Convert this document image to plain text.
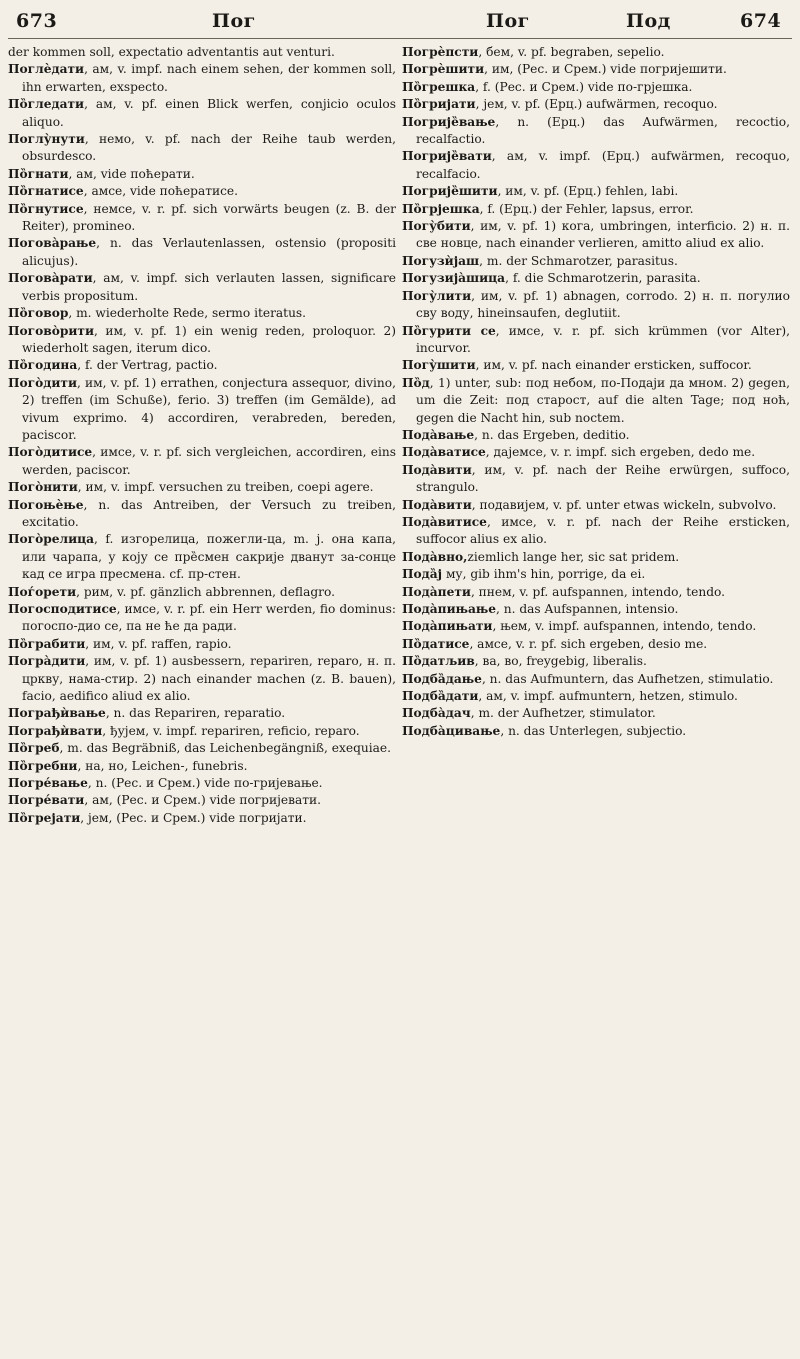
673	Пог	Пог	Под	674

der kommen soll, expectatio adventantis aut venturi.

Поглѐдати, ам, v. impf. nach einem sehen, der kommen soll, ihn erwarten, exspecto.

По̏гледати, ам, v. pf. einen Blick werfen, conjicio oculos aliquo.

Поглу̀нути, немо, v. pf. nach der Reihe taub werden, obsurdesco.

По̏гнати, ам, vide поћерати.

По̏гнатисе, амсе, vide поћератисе.

По̏гнутисе, немсе, v. r. pf. sich vorwärts beugen (z. B. der Reiter), promineo.

Погова̀рање, n. das Verlautenlassen, ostensio (propositi alicujus).

Погова̀рати, ам, v. impf. sich verlauten lassen, significare verbis propositum.

По̏говор, m. wiederholte Rede, sermo iteratus.

Погово̀рити, им, v. pf. 1) ein wenig reden, proloquor. 2) wiederholt sagen, iterum dico.

По̏година, f. der Vertrag, pactio.

Пого̀дити, им, v. pf. 1) errathen, conjectura assequor, divino, 2) treffen (im Schuße), ferio. 3) treffen (im Gemälde), ad vivum exprimo. 4) accordiren, verabreden, bereden, paciscor.

Пого̀дитисе, имсе, v. r. pf. sich vergleichen, accordiren, eins werden, paciscor.

Пого̀нити, им, v. impf. versuchen zu treiben, coepi agere.

Погоњѐње, n. das Antreiben, der Versuch zu treiben, excitatio.

Пого̀релица, f. изгорелица, пожегли-ца, m. j. она капа, или чарапа, у коју се пре̏смен сакрије дванут за-сонце кад се игра пресмена. cf. пр-стен.

Поѓорети, рим, v. pf. gänzlich abbrennen, deflagro.

Погосподитисе, имсе, v. r. pf. ein Herr werden, fio dominus: погоспо-дио се, па не ће да ради.

По̏грабити, им, v. pf. raffen, rapio.

Погра̀дити, им, v. pf. 1) ausbessern, repariren, reparo, н. п. цркву, нама-стир. 2) nach einander machen (z. B. bauen), facio, aedifico aliud ex alio.

Пограђѝвање, n. das Repariren, reparatio.

Пограђѝвати, ђујем, v. impf. repariren, reficio, reparo.

По̏гpeб, m. das Begräbniß, das Leichenbegängniß, exequiae.

По̏гребни, на, но, Leichen-, funebris.

Погре́вање, n. (Рес. и Срем.) vide по-гријевање.

Погре́вати, ам, (Рес. и Срем.) vide погријевати.

По̏грејати, јем, (Рес. и Срем.) vide погријати.

Погрѐпсти, бем, v. pf. begraben, sepelio.

Погрѐшити, им, (Рес. и Срем.) vide погријешити.

По̏грешка, f. (Рес. и Срем.) vide по-грјешка.

По̏гријати, јем, v. pf. (Ерц.) aufwärmen, recoquo.

Погрије̏вање, n. (Ерц.) das Aufwärmen, recoctio, recalfactio.

Погрије̏вати, ам, v. impf. (Ерц.) aufwärmen, recoquo, recalfacio.

Погрије̏шити, им, v. pf. (Ерц.) fehlen, labi.

По̏грјешка, f. (Ерц.) der Fehler, lapsus, error.

Погу̀бити, им, v. pf. 1) кога, umbringen, interficio. 2) н. п. све новце, nach einander verlieren, amitto aliud ex alio.

Погузѝјаш, m. der Schmarotzer, parasitus.

Погузија̀шица, f. die Schmarotzerin, parasita.

Погу̀лити, им, v. pf. 1) abnagen, corrodo. 2) н. п. погулио сву воду, hineinsaufen, deglutiit.

По̏гурити се, имсе, v. r. pf. sich krümmen (vor Alter), incurvor.

Погу̀шити, им, v. pf. nach einander ersticken, suffocor.

По̏д, 1) unter, sub: под небом, по-Подаји да мном. 2) gegen, um die Zeit: под старост, auf die alten Tage; под ноћ, gegen die Nacht hin, sub noctem.

Пода̀вање, n. das Ergeben, deditio.

Пода̀ватисе, дајемсе, v. r. impf. sich ergeben, dedo me.

Пода̀вити, им, v. pf. nach der Reihe erwürgen, suffoco, strangulo.

Пода̀вити, подавијем, v. pf. unter etwas wickeln, subvolvo.

Пода̀витисе, имсе, v. r. pf. nach der Reihe ersticken, suffocor alius ex alio.

Пода̀вно,ziemlich lange her, sic sat pridem.

Пода̏ј му, gib ihm's hin, porrige, da ei.

Пода̀пети, пнем, v. pf. aufspannen, intendo, tendo.

Пода̀пињање, n. das Aufspannen, intensio.

Пода̀пињати, њем, v. impf. aufspannen, intendo, tendo.

По̏датисе, амсе, v. r. pf. sich ergeben, desio me.

По̏датљив, ва, во, freygebig, liberalis.

Подба̏дање, n. das Aufmuntern, das Aufhetzen, stimulatio.

Подба̏дати, ам, v. impf. aufmuntern, hetzen, stimulo.

Подба̀дач, m. der Aufhetzer, stimulator.

Подба̀цивање, n. das Unterlegen, subjectio.
